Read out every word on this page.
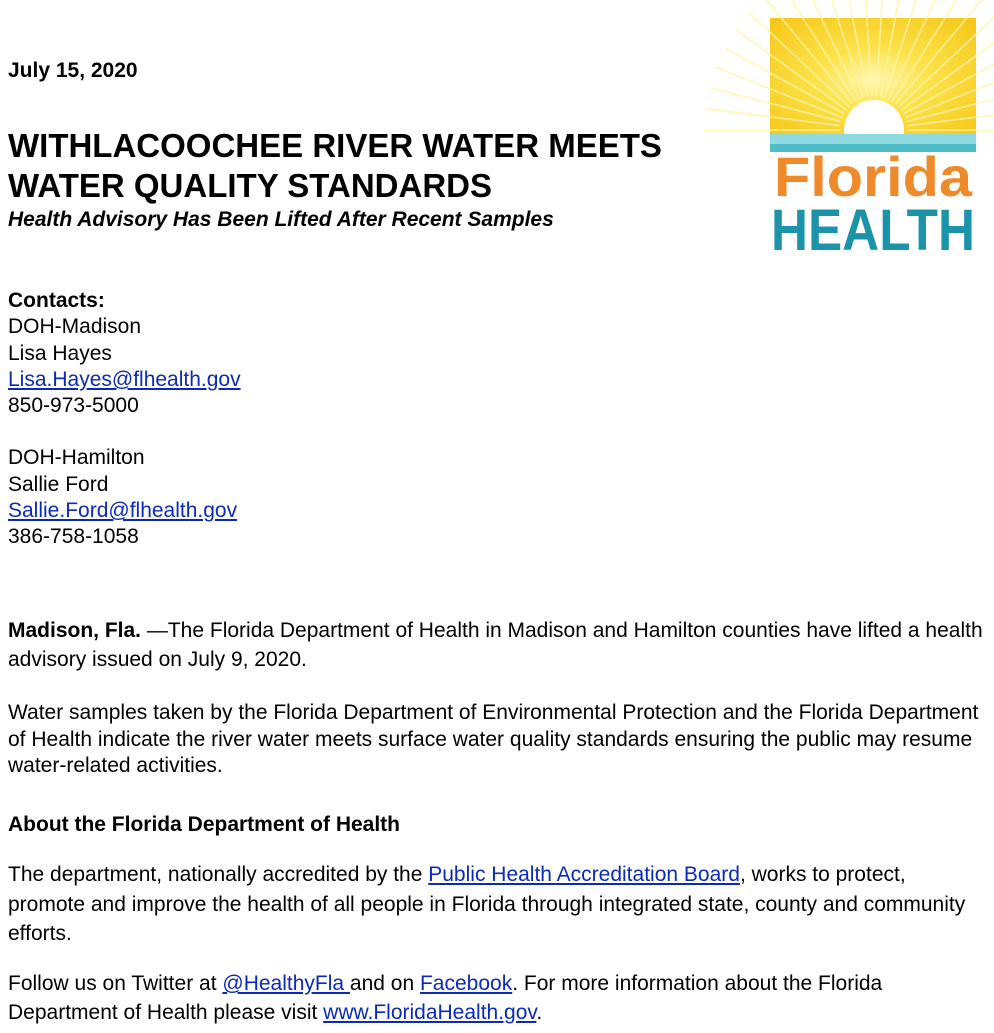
July 15, 2020
WITHLACOOCHEE RIVER WATER MEETS
WATER QUALITY STANDARDS
Health Advisory Has Been Lifted After Recent Samples
Florida
HEALTH
Contacts:
DOH-Madison
Lisa Hayes
Lisa.Hayes@flhealth.gov
850-973-5000
DOH-Hamilton
Sallie Ford
Sallie.Ford@flhealth.gov
386-758-1058

Madison, Fla. —The Florida Department of Health in Madison and Hamilton counties have lifted a health advisory issued on July 9, 2020.

Water samples taken by the Florida Department of Environmental Protection and the Florida Department of Health indicate the river water meets surface water quality standards ensuring the public may resume water-related activities.

About the Florida Department of Health

The department, nationally accredited by the Public Health Accreditation Board, works to protect, promote and improve the health of all people in Florida through integrated state, county and community efforts.

Follow us on Twitter at @HealthyFla and on Facebook. For more information about the Florida Department of Health please visit www.FloridaHealth.gov.
